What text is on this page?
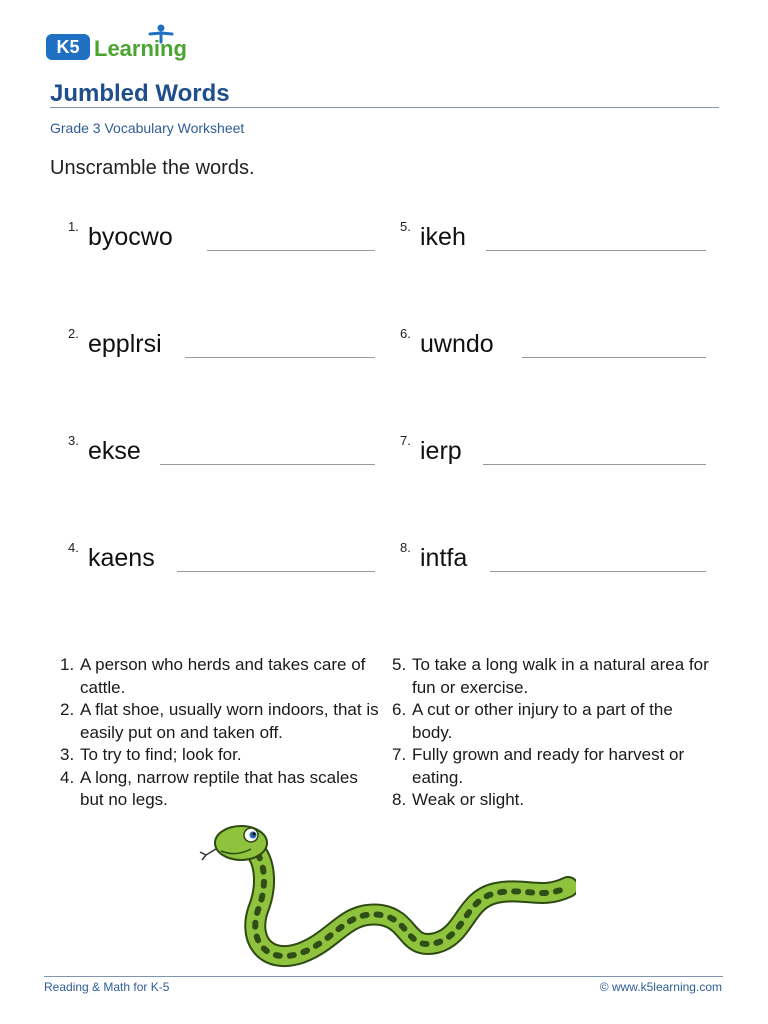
K5 Learning
Jumbled Words
Grade 3 Vocabulary Worksheet
Unscramble the words.
1. byocwo
2. epplrsi
3. ekse
4. kaens
5. ikeh
6. uwndo
7. ierp
8. intfa
1. A person who herds and takes care of cattle.
2. A flat shoe, usually worn indoors, that is easily put on and taken off.
3. To try to find; look for.
4. A long, narrow reptile that has scales but no legs.
5. To take a long walk in a natural area for fun or exercise.
6. A cut or other injury to a part of the body.
7. Fully grown and ready for harvest or eating.
8. Weak or slight.
Reading & Math for K-5	© www.k5learning.com
